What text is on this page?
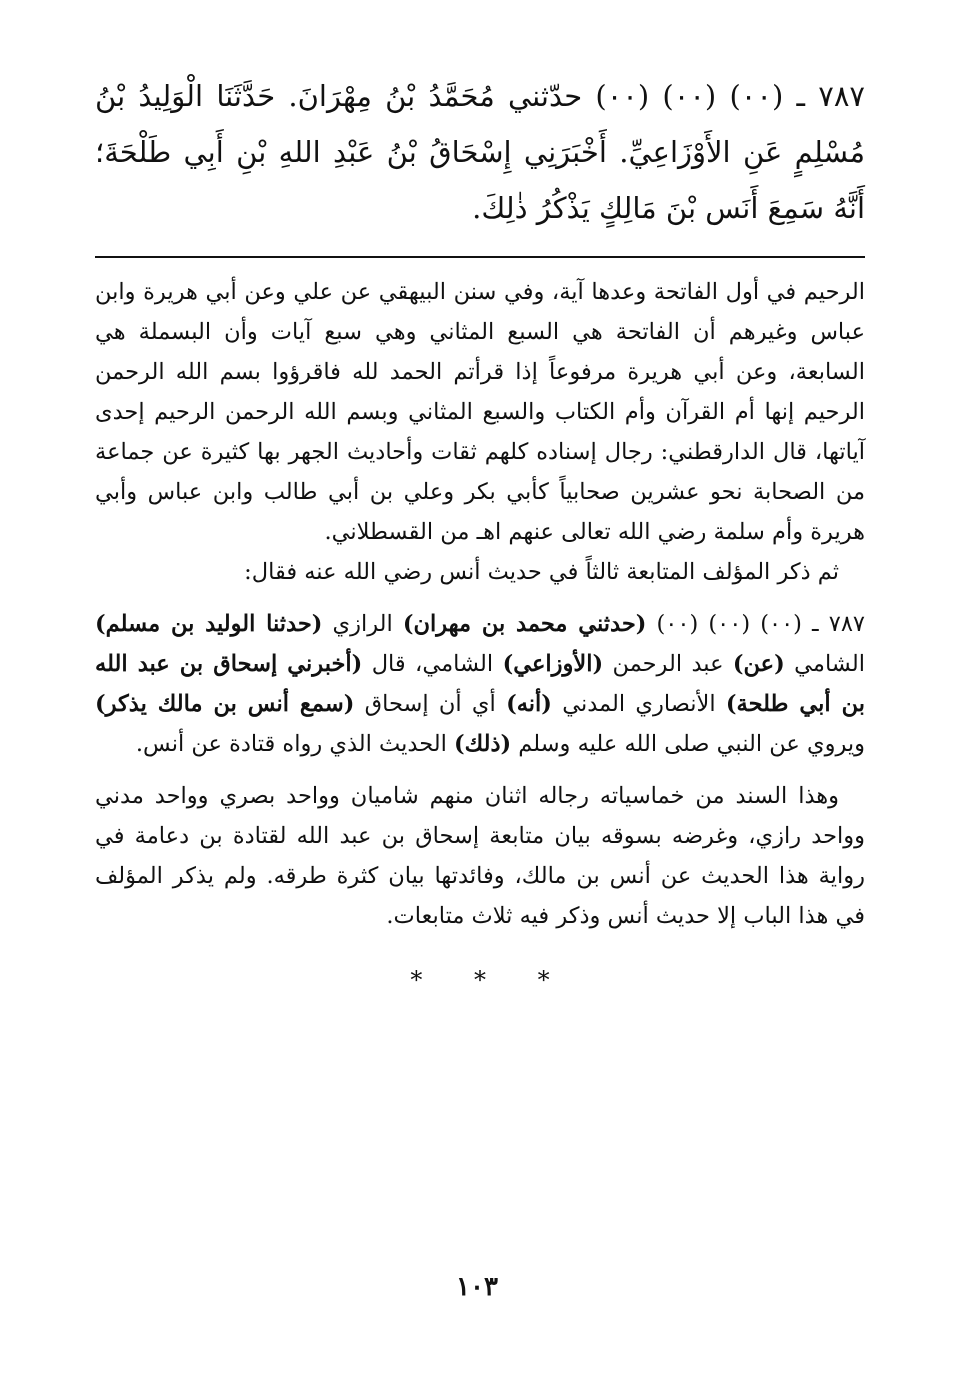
٧٨٧ ـ (٠٠) (٠٠) (٠٠) حدّثني مُحَمَّدُ بْنُ مِهْرَانَ. حَدَّثَنَا الْوَلِيدُ بْنُ مُسْلِمٍ عَنِ الأَوْزَاعِيِّ. أَخْبَرَنِي إِسْحَاقُ بْنُ عَبْدِ اللهِ بْنِ أَبِي طَلْحَةَ؛ أَنَّهُ سَمِعَ أَنَس بْنَ مَالِكٍ يَذْكُرُ ذٰلِكَ.

الرحيم في أول الفاتحة وعدها آية، وفي سنن البيهقي عن علي وعن أبي هريرة وابن عباس وغيرهم أن الفاتحة هي السبع المثاني وهي سبع آيات وأن البسملة هي السابعة، وعن أبي هريرة مرفوعاً إذا قرأتم الحمد لله فاقرؤوا بسم الله الرحمن الرحيم إنها أم القرآن وأم الكتاب والسبع المثاني وبسم الله الرحمن الرحيم إحدى آياتها، قال الدارقطني: رجال إسناده كلهم ثقات وأحاديث الجهر بها كثيرة عن جماعة من الصحابة نحو عشرين صحابياً كأبي بكر وعلي بن أبي طالب وابن عباس وأبي هريرة وأم سلمة رضي الله تعالى عنهم اهـ من القسطلاني.

ثم ذكر المؤلف المتابعة ثالثاً في حديث أنس رضي الله عنه فقال:

٧٨٧ ـ (٠٠) (٠٠) (٠٠) (حدثني محمد بن مهران) الرازي (حدثنا الوليد بن مسلم) الشامي (عن) عبد الرحمن (الأوزاعي) الشامي، قال (أخبرني إسحاق بن عبد الله بن أبي طلحة) الأنصاري المدني (أنه) أي أن إسحاق (سمع أنس بن مالك يذكر) ويروي عن النبي صلى الله عليه وسلم (ذلك) الحديث الذي رواه قتادة عن أنس.

وهذا السند من خماسياته رجاله اثنان منهم شاميان وواحد بصري وواحد مدني وواحد رازي، وغرضه بسوقه بيان متابعة إسحاق بن عبد الله لقتادة بن دعامة في رواية هذا الحديث عن أنس بن مالك، وفائدتها بيان كثرة طرقه. ولم يذكر المؤلف في هذا الباب إلا حديث أنس وذكر فيه ثلاث متابعات.

* * *
١٠٣
